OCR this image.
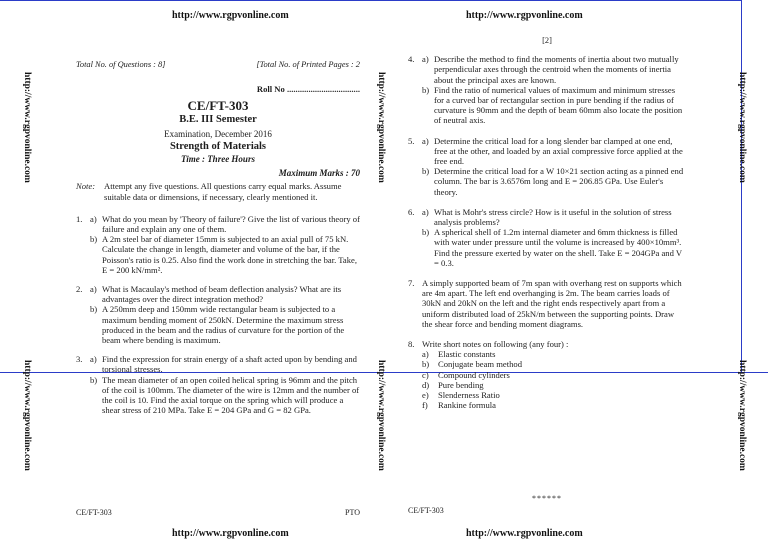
http://www.rgpvonline.com	http://www.rgpvonline.com
http://www.rgpvonline.com	http://www.rgpvonline.com
http://www.rgpvonline.com
http://www.rgpvonline.com
http://www.rgpvonline.com
http://www.rgpvonline.com
http://www.rgpvonline.com
http://www.rgpvonline.com
Total No. of Questions : 8]	[Total No. of Printed Pages : 2
Roll No ..................................
CE/FT-303
B.E. III Semester
Examination, December 2016
Strength of Materials
Time : Three Hours
Maximum Marks : 70
Note:	Attempt any five questions. All questions carry equal marks. Assume suitable data or dimensions, if necessary, clearly mentioned it.
1. a) What do you mean by 'Theory of failure'? Give the list of various theory of failure and explain any one of them.
b) A 2m steel bar of diameter 15mm is subjected to an axial pull of 75 kN. Calculate the change in length, diameter and volume of the bar, if the Poisson's ratio is 0.25. Also find the work done in stretching the bar. Take, E = 200 kN/mm².
2. a) What is Macaulay's method of beam deflection analysis? What are its advantages over the direct integration method?
b) A 250mm deep and 150mm wide rectangular beam is subjected to a maximum bending moment of 250kN. Determine the maximum stress produced in the beam and the radius of curvature for the portion of the beam where bending is maximum.
3. a) Find the expression for strain energy of a shaft acted upon by bending and torsional stresses.
b) The mean diameter of an open coiled helical spring is 96mm and the pitch of the coil is 100mm. The diameter of the wire is 12mm and the number of the coil is 10. Find the axial torque on the spring which will produce a shear stress of 210 MPa. Take E = 204 GPa and G = 82 GPa.
CE/FT-303	PTO
[2]
4. a) Describe the method to find the moments of inertia about two mutually perpendicular axes through the centroid when the moments of inertia about the principal axes are known.
b) Find the ratio of numerical values of maximum and minimum stresses for a curved bar of rectangular section in pure bending if the radius of curvature is 90mm and the depth of beam 60mm also locate the position of neutral axis.
5. a) Determine the critical load for a long slender bar clamped at one end, free at the other, and loaded by an axial compressive force applied at the free end.
b) Determine the critical load for a W 10×21 section acting as a pinned end column. The bar is 3.6576m long and E = 206.85 GPa. Use Euler's theory.
6. a) What is Mohr's stress circle? How is it useful in the solution of stress analysis problems?
b) A spherical shell of 1.2m internal diameter and 6mm thickness is filled with water under pressure until the volume is increased by 400×10mm³. Find the pressure exerted by water on the shell. Take E = 204GPa and V = 0.3.
7. A simply supported beam of 7m span with overhang rest on supports which are 4m apart. The left end overhanging is 2m. The beam carries loads of 30kN and 20kN on the left and the right ends respectively apart from a uniform distributed load of 25kN/m between the supporting points. Draw the shear force and bending moment diagrams.
8. Write short notes on following (any four) :
a)	Elastic constants
b)	Conjugate beam method
c)	Compound cylinders
d)	Pure bending
e)	Slenderness Ratio
f)	Rankine formula
******
CE/FT-303
